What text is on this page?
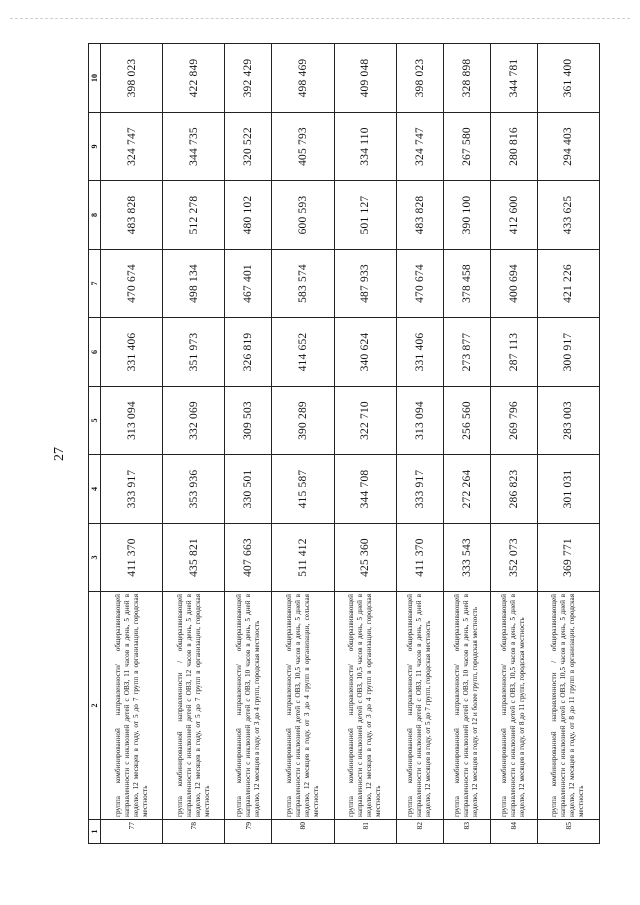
27
1	2	3	4	5	6	7	8	9	10
77	группа комбинированной направленности/ общеразвивающей направленности с инклюзией детей с ОВЗ, 11 часов в день, 5 дней в неделю, 12 месяцев в году, от 5 до 7 групп в организации, городская местность	411 370	333 917	313 094	331 406	470 674	483 828	324 747	398 023
78	группа комбинированной направленности / общеразвивающей направленности с инклюзией детей с ОВЗ, 12 часов в день, 5 дней в неделю, 12 месяцев в году, от 5 до 7 групп в организации, городская местность	435 821	353 936	332 069	351 973	498 134	512 278	344 735	422 849
79	группа комбинированной направленности/ общеразвивающей направленности с инклюзией детей с ОВЗ, 10 часов в день, 5 дней в неделю, 12 месяцев в году, от 3 до 4 групп, городская местность	407 663	330 501	309 503	326 819	467 401	480 102	320 522	392 429
80	группа комбинированной направленности/ общеразвивающей направленности с инклюзией детей с ОВЗ, 10,5 часов в день, 5 дней в неделю, 12 месяцев в году, от 3 до 4 групп в организации, сельская местность	511 412	415 587	390 289	414 652	583 574	600 593	405 793	498 469
81	группа комбинированной направленности/ общеразвивающей направленности с инклюзией детей с ОВЗ, 10,5 часов в день, 5 дней в неделю, 12 месяцев в году, от 3 до 4 групп в организации, городская местность	425 360	344 708	322 710	340 624	487 933	501 127	334 110	409 048
82	группа комбинированной направленности/ общеразвивающей направленности с инклюзией детей с ОВЗ, 11 часов в день, 5 дней в неделю, 12 месяцев в году, от 5 до 7 групп, городская местность	411 370	333 917	313 094	331 406	470 674	483 828	324 747	398 023
83	группа комбинированной направленности/ общеразвивающей направленности с инклюзией детей с ОВЗ, 10 часов в день, 5 дней в неделю, 12 месяцев в году, от 12 и более групп, городская местность	333 543	272 264	256 560	273 877	378 458	390 100	267 580	328 898
84	группа комбинированной направленности/ общеразвивающей направленности с инклюзией детей с ОВЗ, 10,5 часов в день, 5 дней в неделю, 12 месяцев в году, от 8 до 11 групп, городская местность	352 073	286 823	269 796	287 113	400 694	412 600	280 816	344 781
85	группа комбинированной направленности / общеразвивающей направленности с инклюзией детей с ОВЗ, 10,5 часов в день, 5 дней в неделю, 12 месяцев в году, от 8 до 11 групп в организации, городская местность	369 771	301 031	283 003	300 917	421 226	433 625	294 403	361 400
